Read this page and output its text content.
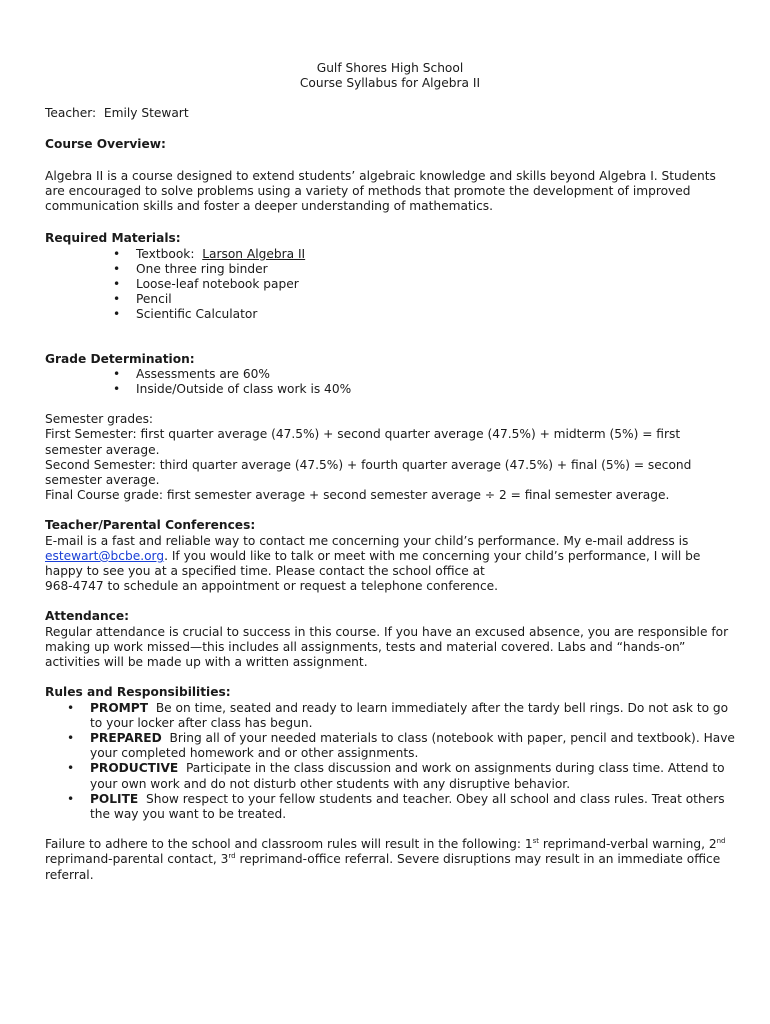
Gulf Shores High School
Course Syllabus for Algebra II

Teacher: Emily Stewart

Course Overview:

Algebra II is a course designed to extend students’ algebraic knowledge and skills beyond Algebra I. Students are encouraged to solve problems using a variety of methods that promote the development of improved communication skills and foster a deeper understanding of mathematics.

Required Materials:

• Textbook: Larson Algebra II
• One three ring binder
• Loose-leaf notebook paper
• Pencil
• Scientific Calculator

Grade Determination:

• Assessments are 60%
• Inside/Outside of class work is 40%

Semester grades:

First Semester: first quarter average (47.5%) + second quarter average (47.5%) + midterm (5%) = first semester average.

Second Semester: third quarter average (47.5%) + fourth quarter average (47.5%) + final (5%) = second semester average.

Final Course grade: first semester average + second semester average ÷ 2 = final semester average.

Teacher/Parental Conferences:

E-mail is a fast and reliable way to contact me concerning your child’s performance. My e-mail address is estewart@bcbe.org. If you would like to talk or meet with me concerning your child’s performance, I will be happy to see you at a specified time. Please contact the school office at

968-4747 to schedule an appointment or request a telephone conference.

Attendance:

Regular attendance is crucial to success in this course. If you have an excused absence, you are responsible for making up work missed—this includes all assignments, tests and material covered. Labs and “hands-on” activities will be made up with a written assignment.

Rules and Responsibilities:

• PROMPT Be on time, seated and ready to learn immediately after the tardy bell rings. Do not ask to go to your locker after class has begun.
• PREPARED Bring all of your needed materials to class (notebook with paper, pencil and textbook). Have your completed homework and or other assignments.
• PRODUCTIVE Participate in the class discussion and work on assignments during class time. Attend to your own work and do not disturb other students with any disruptive behavior.
• POLITE Show respect to your fellow students and teacher. Obey all school and class rules. Treat others the way you want to be treated.

Failure to adhere to the school and classroom rules will result in the following: 1st reprimand-verbal warning, 2nd reprimand-parental contact, 3rd reprimand-office referral. Severe disruptions may result in an immediate office referral.
